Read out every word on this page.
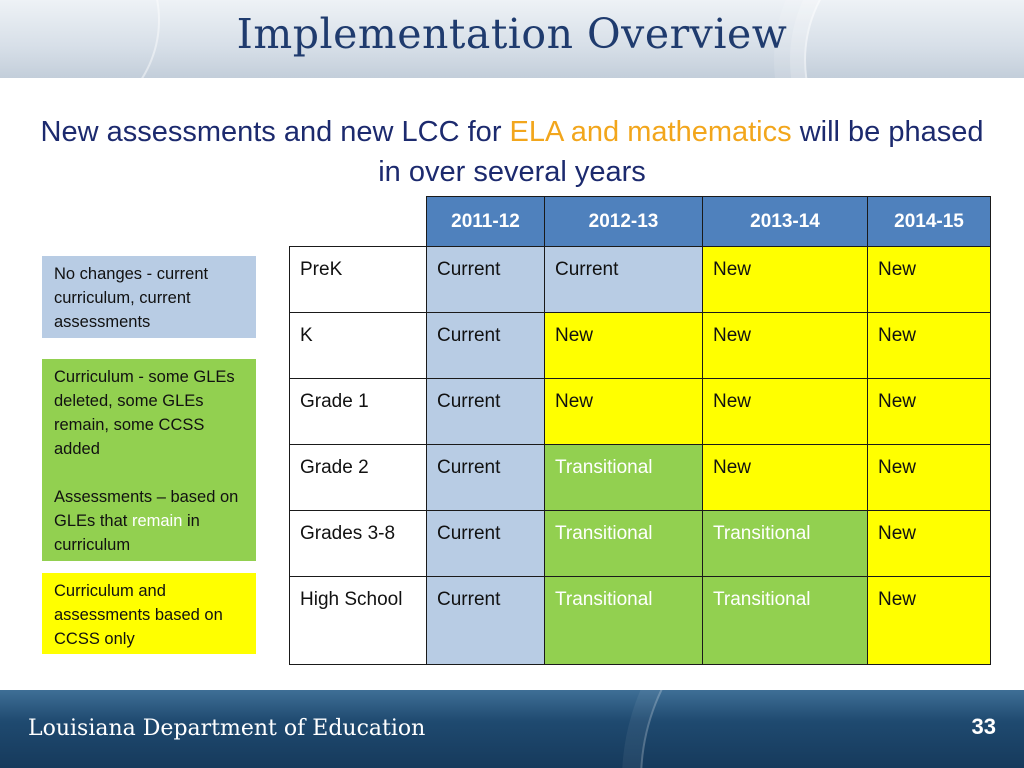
Implementation Overview
New assessments and new LCC for ELA and mathematics will be phased in over several years
No changes - current curriculum, current assessments
Curriculum - some GLEs deleted, some GLEs remain, some CCSS added
Assessments – based on GLEs that remain in curriculum
Curriculum and assessments based on CCSS only
	2011-12	2012-13	2013-14	2014-15
PreK	Current	Current	New	New
K	Current	New	New	New
Grade 1	Current	New	New	New
Grade 2	Current	Transitional	New	New
Grades 3-8	Current	Transitional	Transitional	New
High School	Current	Transitional	Transitional	New
Louisiana Department of Education	33
